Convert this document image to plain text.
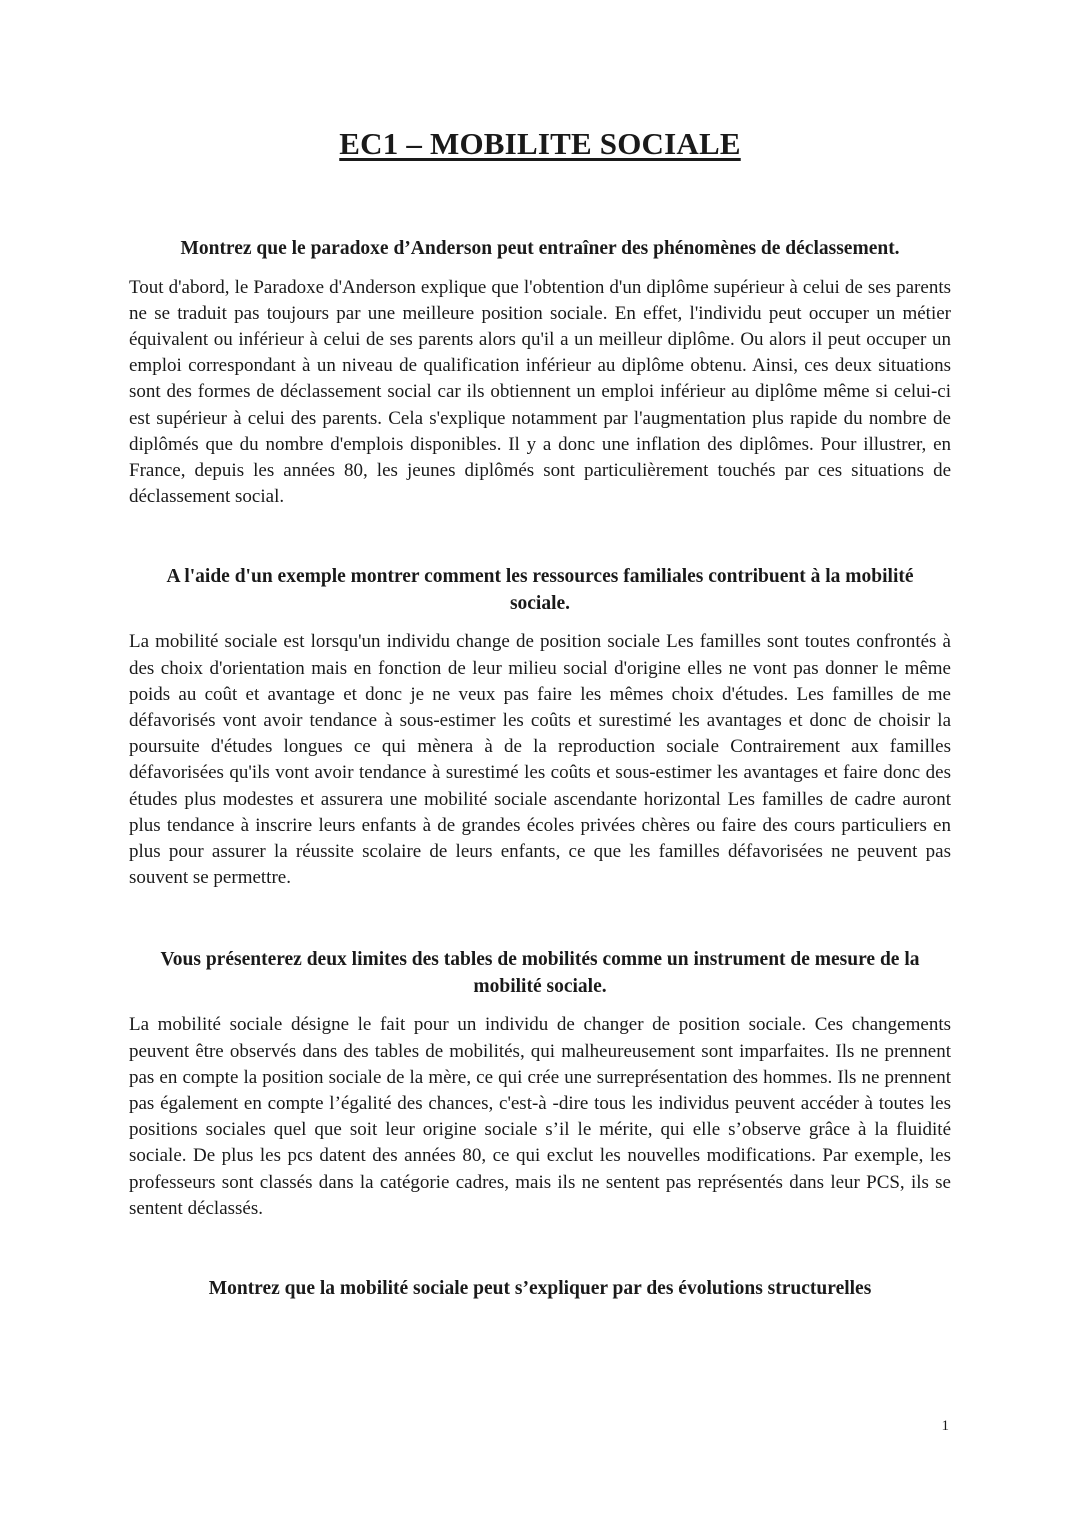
EC1 – MOBILITE SOCIALE

Montrez que le paradoxe d’Anderson peut entraîner des phénomènes de déclassement.

Tout d'abord, le Paradoxe d'Anderson explique que l'obtention d'un diplôme supérieur à celui de ses parents ne se traduit pas toujours par une meilleure position sociale. En effet, l'individu peut occuper un métier équivalent ou inférieur à celui de ses parents alors qu'il a un meilleur diplôme. Ou alors il peut occuper un emploi correspondant à un niveau de qualification inférieur au diplôme obtenu. Ainsi, ces deux situations sont des formes de déclassement social car ils obtiennent un emploi inférieur au diplôme même si celui-ci est supérieur à celui des parents. Cela s'explique notamment par l'augmentation plus rapide du nombre de diplômés que du nombre d'emplois disponibles. Il y a donc une inflation des diplômes. Pour illustrer, en France, depuis les années 80, les jeunes diplômés sont particulièrement touchés par ces situations de déclassement social.

A l'aide d'un exemple montrer comment les ressources familiales contribuent à la mobilité sociale.

La mobilité sociale est lorsqu'un individu change de position sociale Les familles sont toutes confrontés à des choix d'orientation mais en fonction de leur milieu social d'origine elles ne vont pas donner le même poids au coût et avantage et donc je ne veux pas faire les mêmes choix d'études. Les familles de me défavorisés vont avoir tendance à sous-estimer les coûts et surestimé les avantages et donc de choisir la poursuite d'études longues ce qui mènera à de la reproduction sociale Contrairement aux familles défavorisées qu'ils vont avoir tendance à surestimé les coûts et sous-estimer les avantages et faire donc des études plus modestes et assurera une mobilité sociale ascendante horizontal Les familles de cadre auront plus tendance à inscrire leurs enfants à de grandes écoles privées chères ou faire des cours particuliers en plus pour assurer la réussite scolaire de leurs enfants, ce que les familles défavorisées ne peuvent pas souvent se permettre.

Vous présenterez deux limites des tables de mobilités comme un instrument de mesure de la mobilité sociale.

La mobilité sociale désigne le fait pour un individu de changer de position sociale. Ces changements peuvent être observés dans des tables de mobilités, qui malheureusement sont imparfaites. Ils ne prennent pas en compte la position sociale de la mère, ce qui crée une surreprésentation des hommes. Ils ne prennent pas également en compte l’égalité des chances, c'est-à -dire tous les individus peuvent accéder à toutes les positions sociales quel que soit leur origine sociale s’il le mérite, qui elle s’observe grâce à la fluidité sociale. De plus les pcs datent des années 80, ce qui exclut les nouvelles modifications. Par exemple, les professeurs sont classés dans la catégorie cadres, mais ils ne sentent pas représentés dans leur PCS, ils se sentent déclassés.

Montrez que la mobilité sociale peut s’expliquer par des évolutions structurelles

1
